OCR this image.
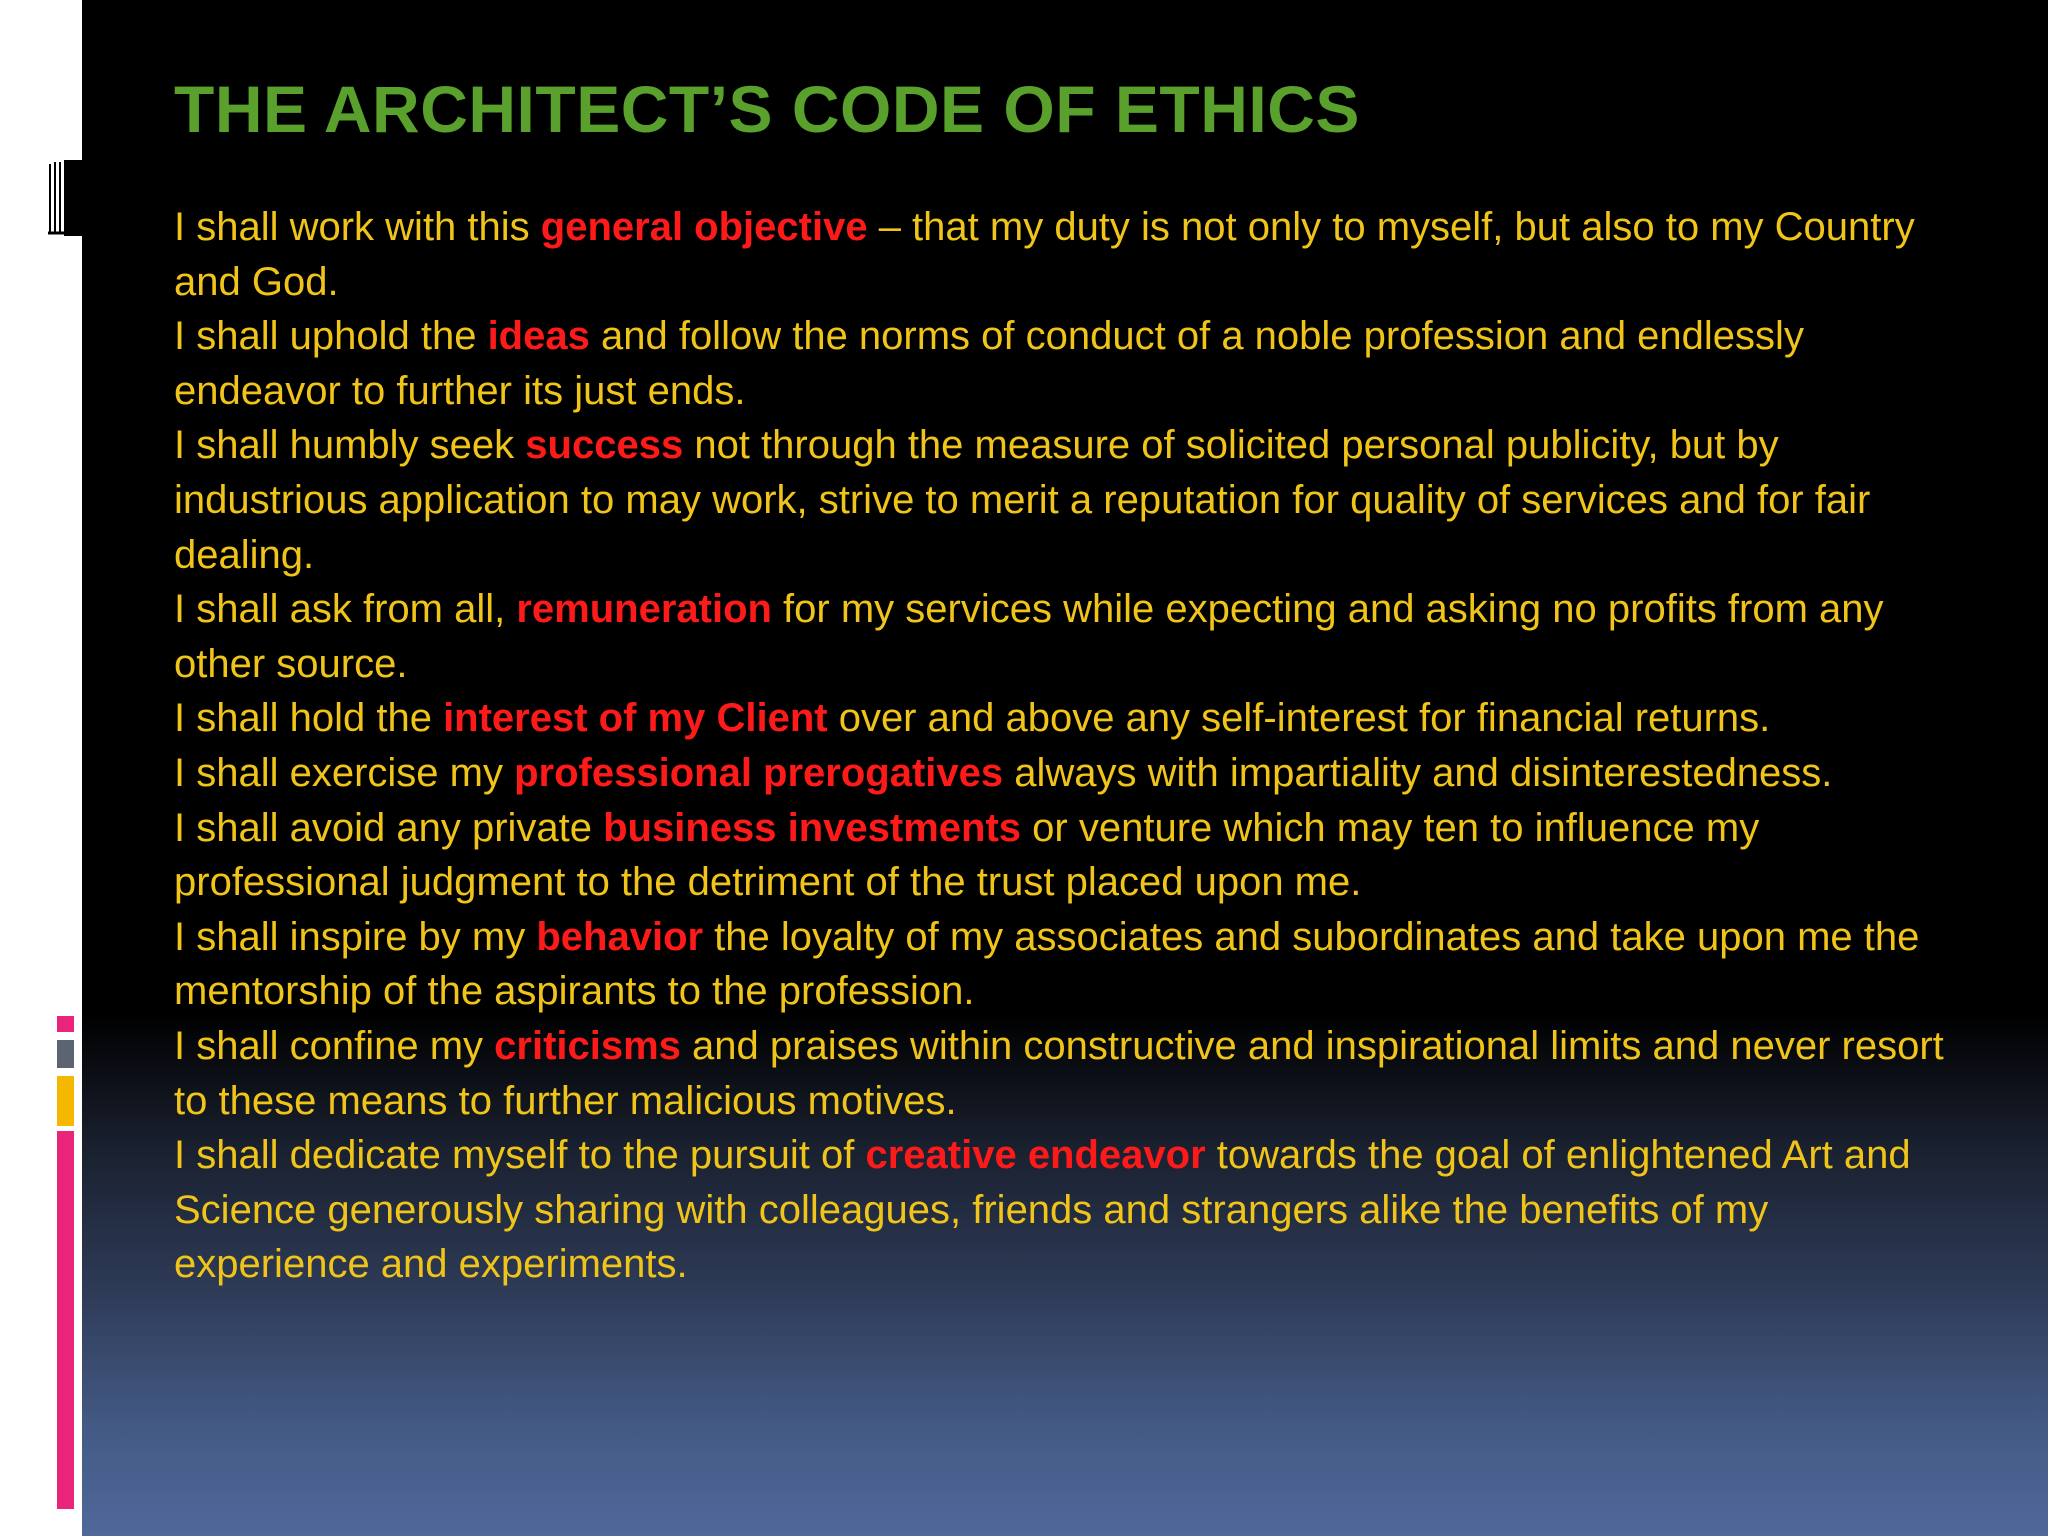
THE ARCHITECT’S CODE OF ETHICS

I shall work with this general objective – that my duty is not only to myself, but also to my Country and God.

I shall uphold the ideas and follow the norms of conduct of a noble profession and endlessly endeavor to further its just ends.

I shall humbly seek success not through the measure of solicited personal publicity, but by industrious application to may work, strive to merit a reputation for quality of services and for fair dealing.

I shall ask from all, remuneration for my services while expecting and asking no profits from any other source.

I shall hold the interest of my Client over and above any self-interest for financial returns.

I shall exercise my professional prerogatives always with impartiality and disinterestedness.

I shall avoid any private business investments or venture which may ten to influence my professional judgment to the detriment of the trust placed upon me.

I shall inspire by my behavior the loyalty of my associates and subordinates and take upon me the mentorship of the aspirants to the profession.

I shall confine my criticisms and praises within constructive and inspirational limits and never resort to these means to further malicious motives.

I shall dedicate myself to the pursuit of creative endeavor towards the goal of enlightened Art and Science generously sharing with colleagues, friends and strangers alike the benefits of my experience and experiments.
